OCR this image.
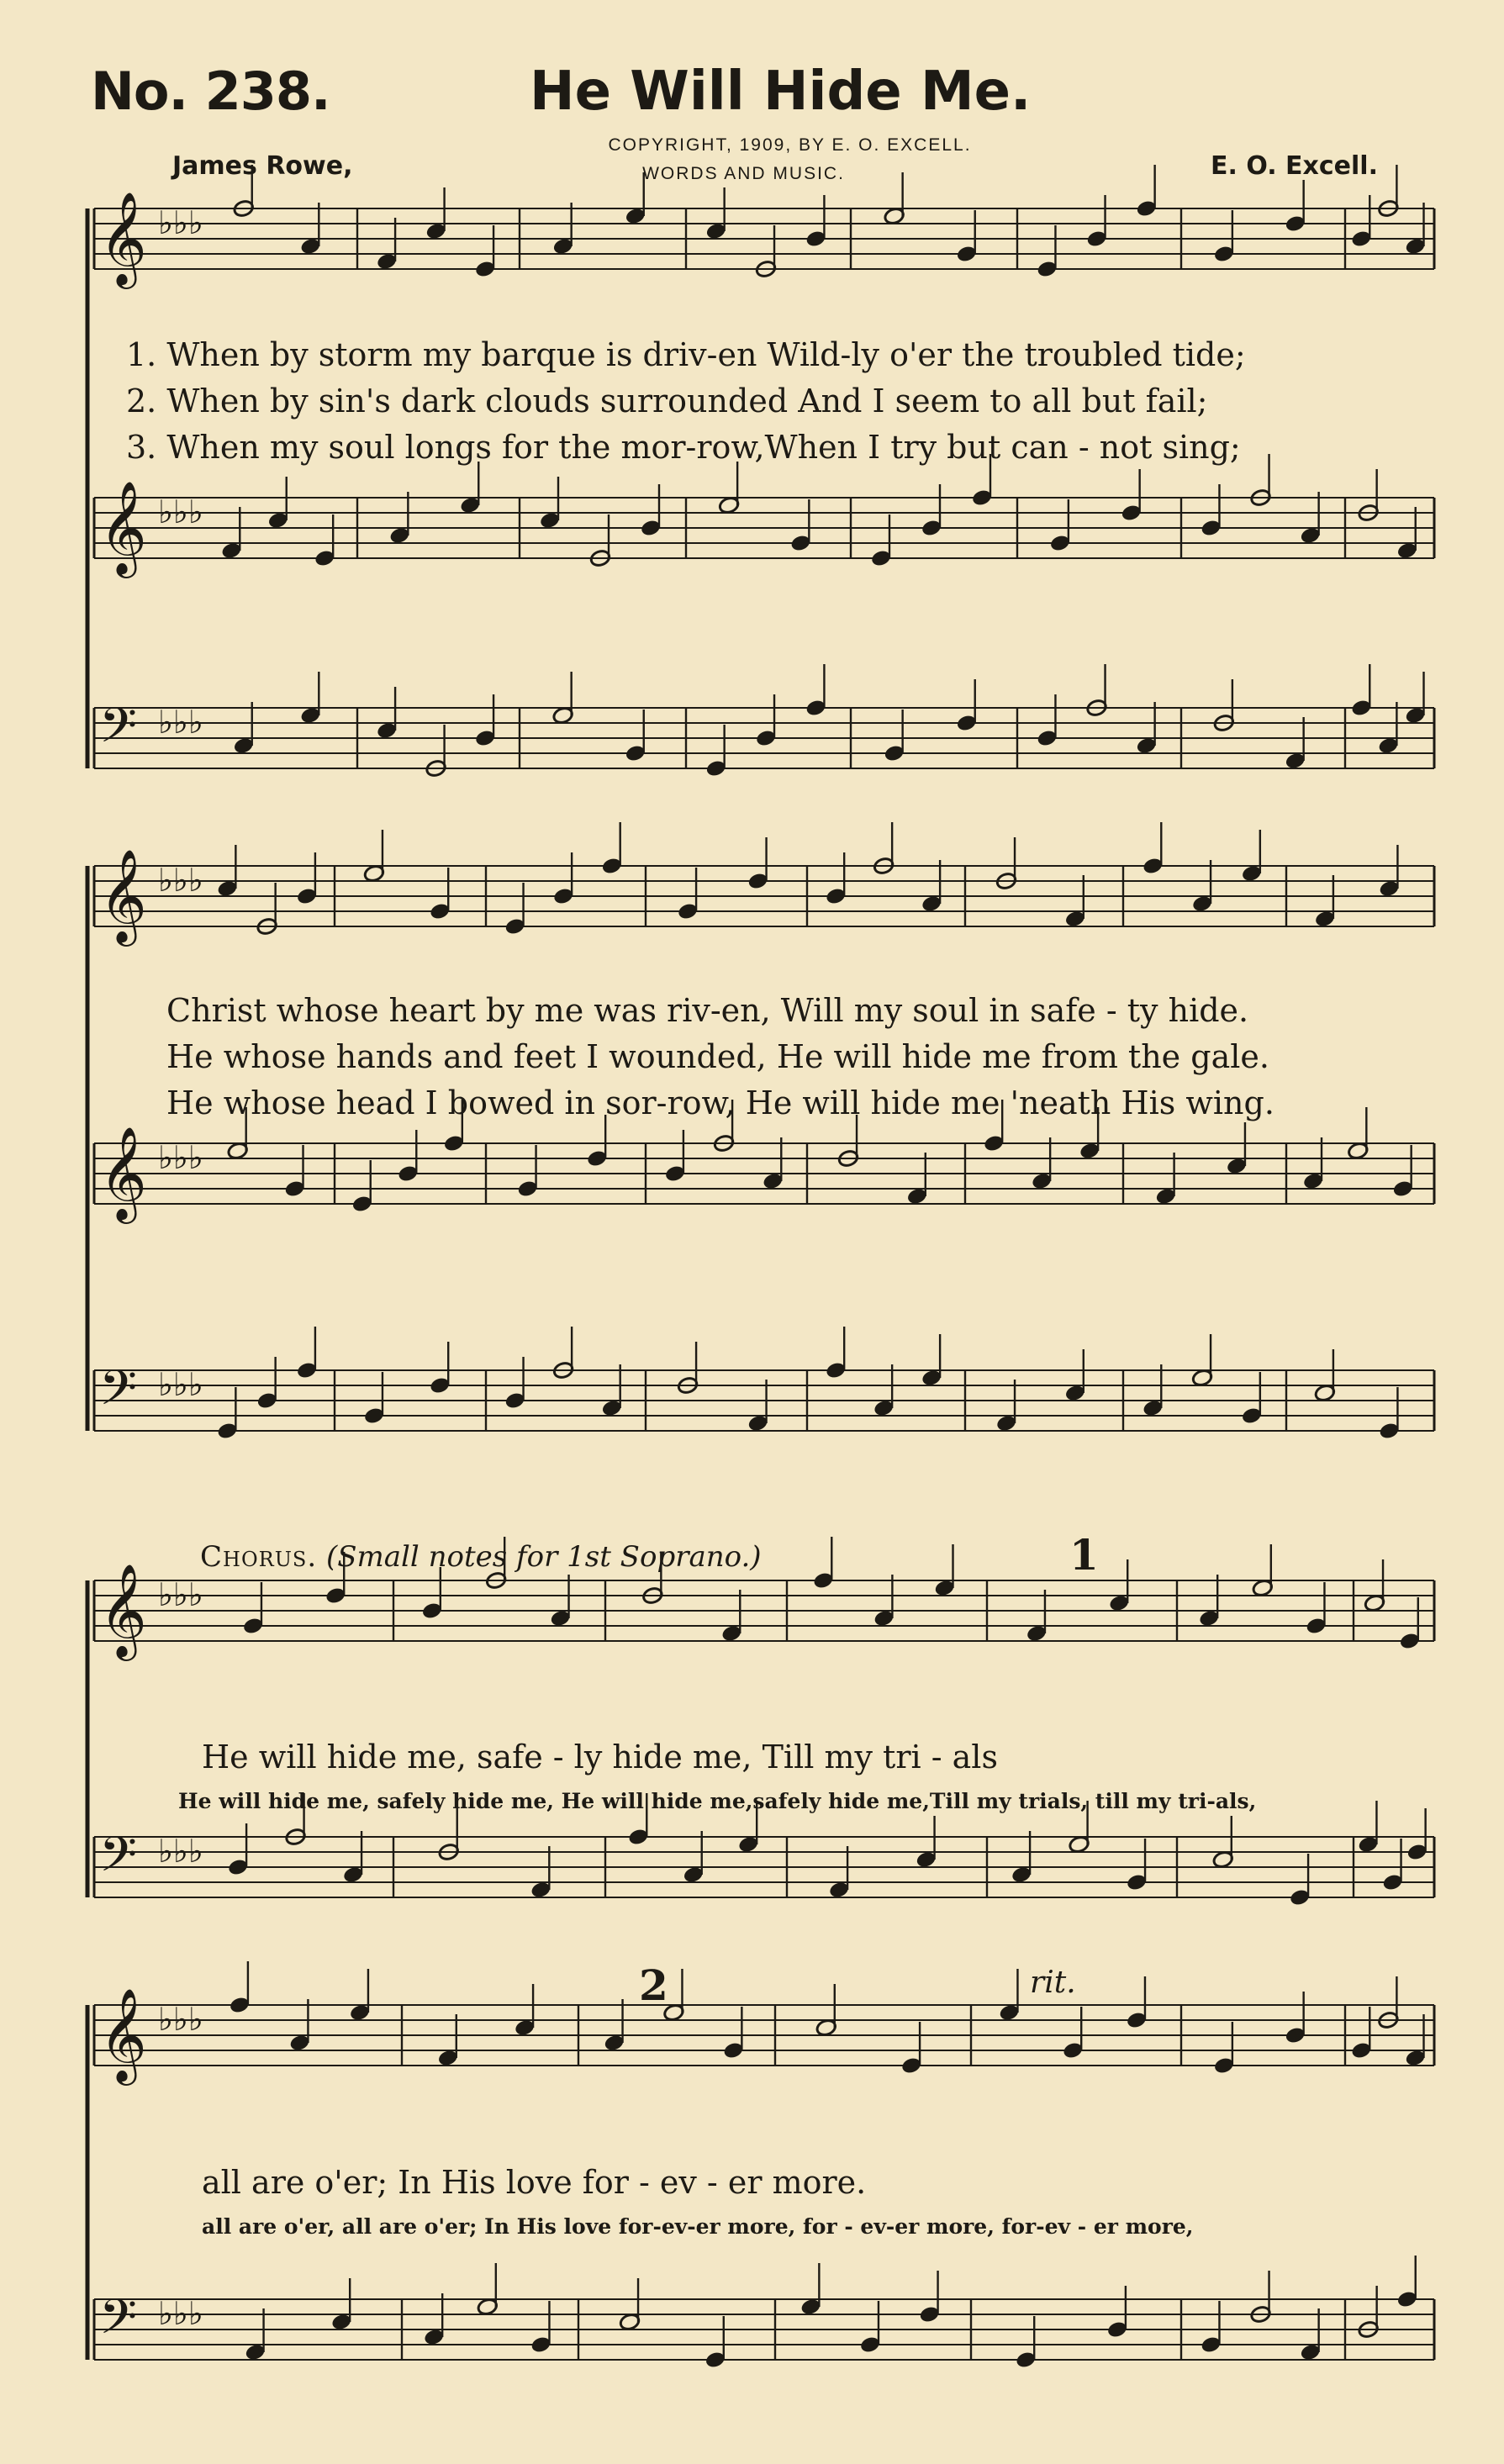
No. 238.	He Will Hide Me.
COPYRIGHT, 1909, BY E. O. EXCELL.
WORDS AND MUSIC.
James Rowe,	E. O. Excell.
𝄞 ♭♭♭
𝄞 ♭♭♭
𝄢 ♭♭♭
𝄞 ♭♭♭
𝄞 ♭♭♭
𝄢 ♭♭♭
𝄞 ♭♭♭
𝄢 ♭♭♭
𝄞 ♭♭♭
𝄢 ♭♭♭
1. When by storm my barque is driv-en Wild-ly o'er the troubled tide;
2. When by sin's dark clouds surrounded And I seem to all but fail;
3. When my soul longs for the mor-row,When I try but can - not sing;
Christ whose heart by me was riv-en, Will my soul in safe - ty hide.
He whose hands and feet I wounded, He will hide me from the gale.
He whose head I bowed in sor-row, He will hide me 'neath His wing.
Chorus. (Small notes for 1st Soprano.)	1
2	rit.
He will hide me, safe - ly hide me, Till my tri - als
He will hide me, safely hide me, He will hide me,safely hide me,Till my trials, till my tri-als,
all are o'er; In His love for - ev - er more.
all are o'er, all are o'er; In His love for-ev-er more, for - ev-er more, for-ev - er more,
